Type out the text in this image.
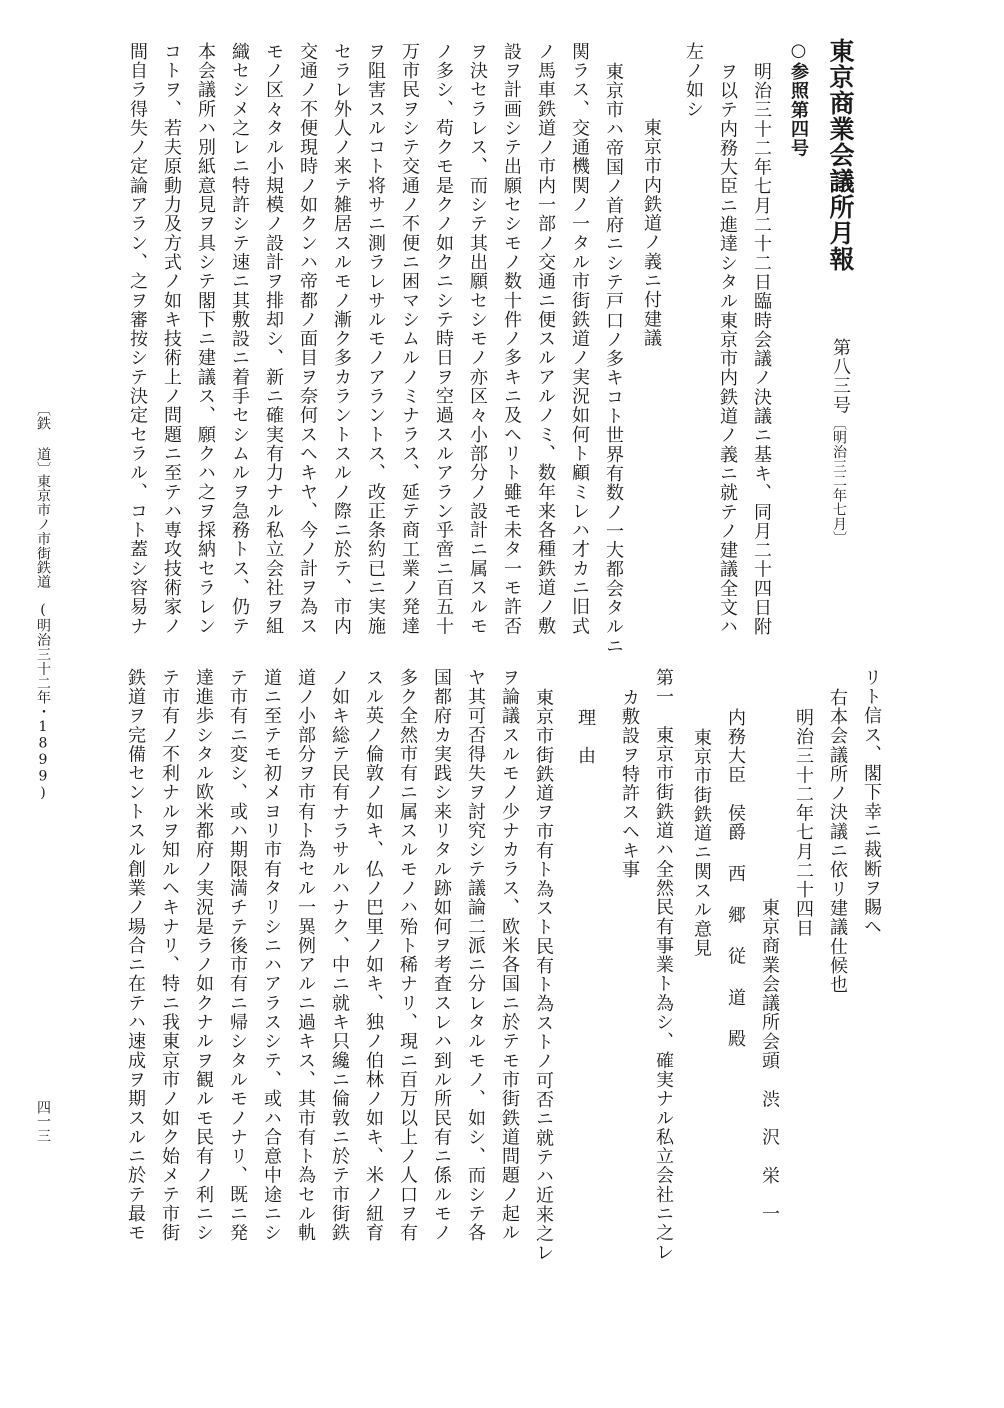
東京商業会議所月報
第八三号
〔明治三二年七月〕
○参照第四号
明治三十二年七月二十二日臨時会議ノ決議ニ基キ、同月二十四日附
ヲ以テ内務大臣ニ進達シタル東京市内鉄道ノ義ニ就テノ建議全文ハ
左ノ如シ
東京市内鉄道ノ義ニ付建議
東京市ハ帝国ノ首府ニシテ戸口ノ多キコト世界有数ノ一大都会タルニ
関ラス、交通機関ノ一タル市街鉄道ノ実況如何ト顧ミレハ才カニ旧式
ノ馬車鉄道ノ市内一部ノ交通ニ便スルアルノミ、数年来各種鉄道ノ敷
設ヲ計画シテ出願セシモノ数十件ノ多キニ及ヘリト雖モ未タ一モ許否
ヲ決セラレス、而シテ其出願セシモノ亦区々小部分ノ設計ニ属スルモ
ノ多シ、苟クモ是クノ如クニシテ時日ヲ空過スルアラン乎啻ニ百五十
万市民ヲシテ交通ノ不便ニ困マシムルノミナラス、延テ商工業ノ発達
ヲ阻害スルコト将サニ測ラレサルモノアラントス、改正条約已ニ実施
セラレ外人ノ来テ雑居スルモノ漸ク多カラントスルノ際ニ於テ、市内
交通ノ不便現時ノ如クンハ帝都ノ面目ヲ奈何スヘキヤ、今ノ計ヲ為ス
モノ区々タル小規模ノ設計ヲ排却シ、新ニ確実有力ナル私立会社ヲ組
織セシメ之レニ特許シテ速ニ其敷設ニ着手セシムルヲ急務トス、仍テ
本会議所ハ別紙意見ヲ具シテ閣下ニ建議ス、願クハ之ヲ採納セラレン
コトヲ、若夫原動力及方式ノ如キ技術上ノ問題ニ至テハ専攻技術家ノ
間自ラ得失ノ定論アラン、之ヲ審按シテ決定セラル、コト蓋シ容易ナ
リト信ス、閣下幸ニ裁断ヲ賜ヘ
右本会議所ノ決議ニ依リ建議仕候也
明治三十二年七月二十四日
東京商業会議所会頭　渋　沢　栄　一
内務大臣　侯爵 西 郷 従 道 殿
東京市街鉄道ニ関スル意見
第一　東京市街鉄道ハ全然民有事業ト為シ、確実ナル私立会社ニ之レ
カ敷設ヲ特許スヘキ事
理　由
東京市街鉄道ヲ市有ト為スト民有ト為ストノ可否ニ就テハ近来之レ
ヲ論議スルモノ少ナカラス、欧米各国ニ於テモ市街鉄道問題ノ起ル
ヤ其可否得失ヲ討究シテ議論二派ニ分レタルモノ、如シ、而シテ各
国都府カ実践シ来リタル跡如何ヲ考査スレハ到ル所民有ニ係ルモノ
多ク全然市有ニ属スルモノハ殆ト稀ナリ、現ニ百万以上ノ人口ヲ有
スル英ノ倫敦ノ如キ、仏ノ巴里ノ如キ、独ノ伯林ノ如キ、米ノ紐育
ノ如キ総テ民有ナラサルハナク、中ニ就キ只纔ニ倫敦ニ於テ市街鉄
道ノ小部分ヲ市有ト為セル一異例アルニ過キス、其市有ト為セル軌
道ニ至テモ初メヨリ市有タリシニハアラスシテ、或ハ合意中途ニシ
テ市有ニ変シ、或ハ期限満チテ後市有ニ帰シタルモノナリ、既ニ発
達進歩シタル欧米都府ノ実況是ラノ如クナルヲ観ルモ民有ノ利ニシ
テ市有ノ不利ナルヲ知ルヘキナリ、特ニ我東京市ノ如ク始メテ市街
鉄道ヲ完備セントスル創業ノ場合ニ在テハ速成ヲ期スルニ於テ最モ
〔鉄 道〕
東京市ノ市街鉄道
(明治三十二年・1899)
四一三
